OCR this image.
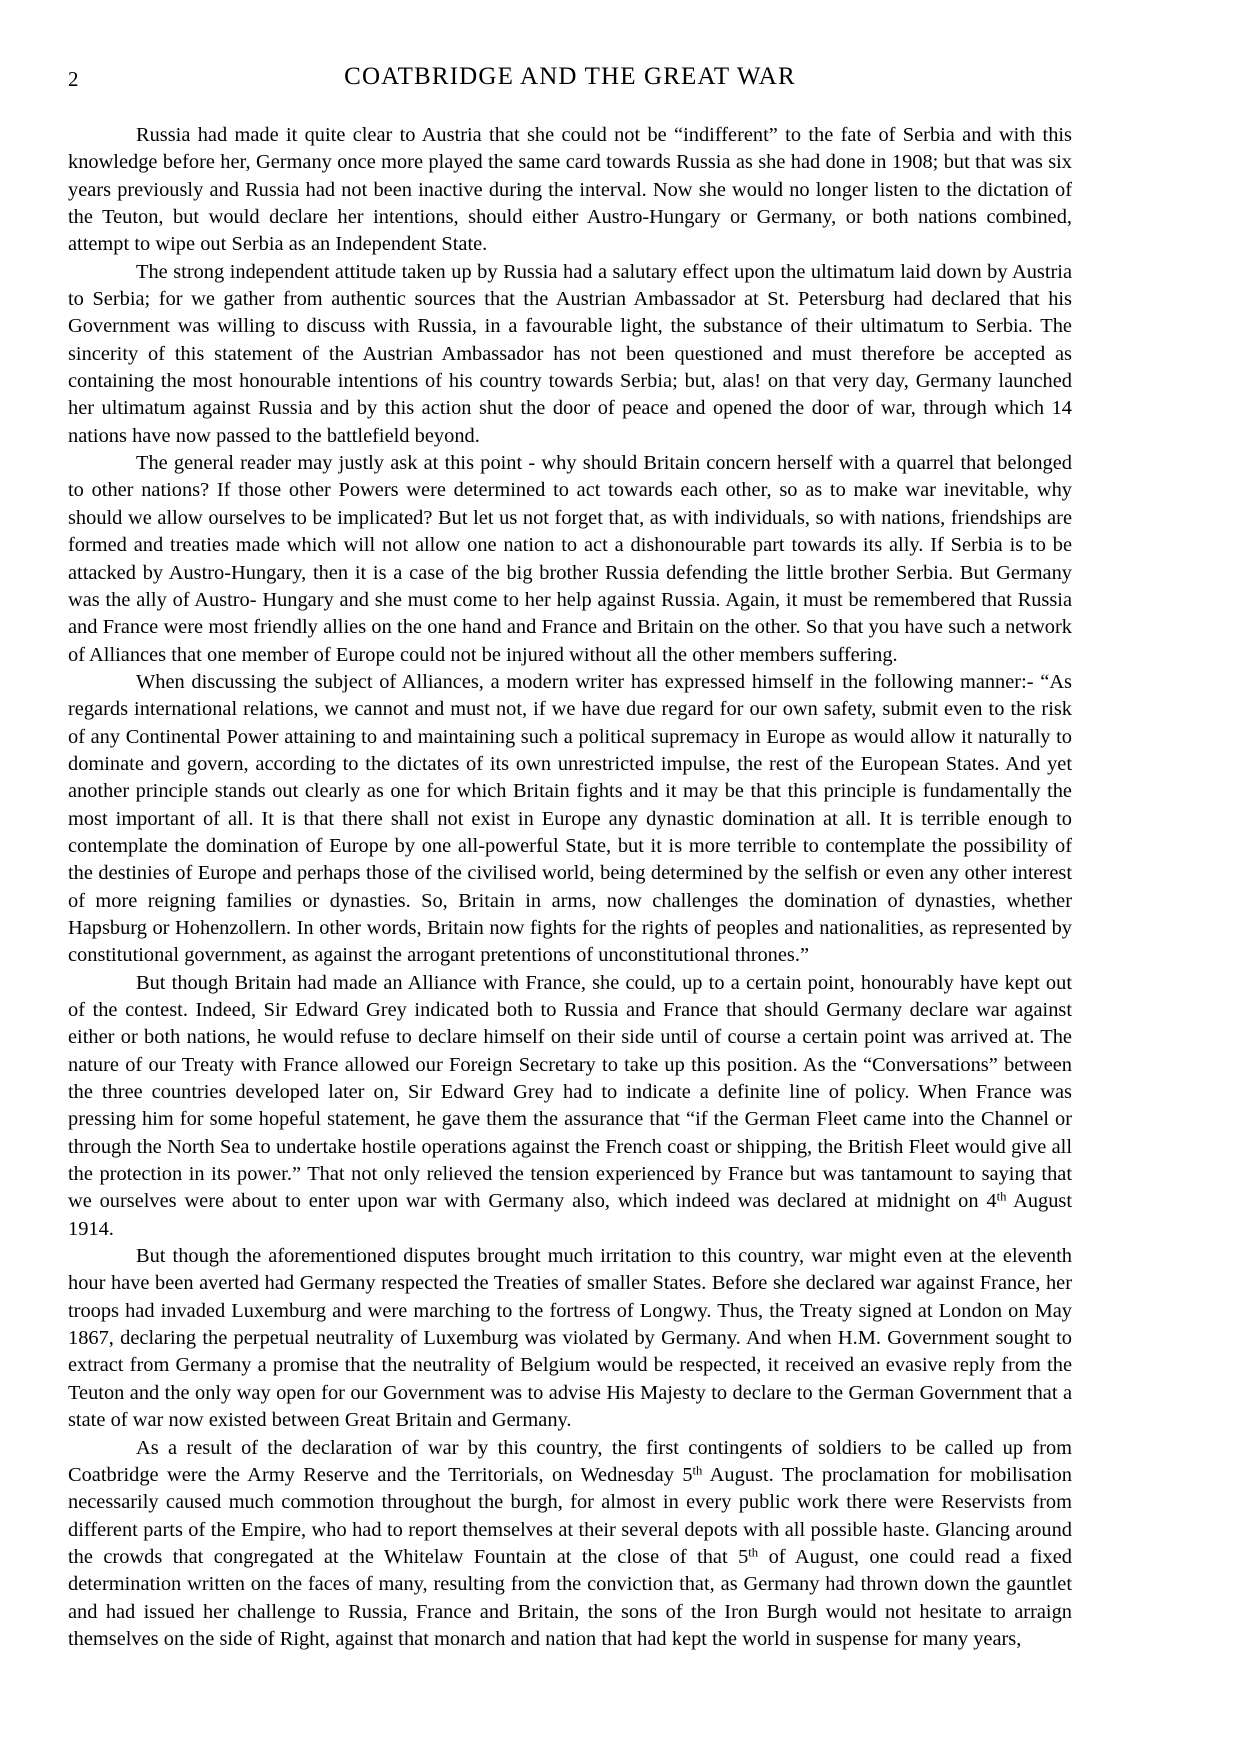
2	COATBRIDGE AND THE GREAT WAR

Russia had made it quite clear to Austria that she could not be “indifferent” to the fate of Serbia and with this knowledge before her, Germany once more played the same card towards Russia as she had done in 1908; but that was six years previously and Russia had not been inactive during the interval. Now she would no longer listen to the dictation of the Teuton, but would declare her intentions, should either Austro-Hungary or Germany, or both nations combined, attempt to wipe out Serbia as an Independent State.

The strong independent attitude taken up by Russia had a salutary effect upon the ultimatum laid down by Austria to Serbia; for we gather from authentic sources that the Austrian Ambassador at St. Petersburg had declared that his Government was willing to discuss with Russia, in a favourable light, the substance of their ultimatum to Serbia. The sincerity of this statement of the Austrian Ambassador has not been questioned and must therefore be accepted as containing the most honourable intentions of his country towards Serbia; but, alas! on that very day, Germany launched her ultimatum against Russia and by this action shut the door of peace and opened the door of war, through which 14 nations have now passed to the battlefield beyond.

The general reader may justly ask at this point - why should Britain concern herself with a quarrel that belonged to other nations? If those other Powers were determined to act towards each other, so as to make war inevitable, why should we allow ourselves to be implicated? But let us not forget that, as with individuals, so with nations, friendships are formed and treaties made which will not allow one nation to act a dishonourable part towards its ally. If Serbia is to be attacked by Austro-Hungary, then it is a case of the big brother Russia defending the little brother Serbia. But Germany was the ally of Austro- Hungary and she must come to her help against Russia. Again, it must be remembered that Russia and France were most friendly allies on the one hand and France and Britain on the other. So that you have such a network of Alliances that one member of Europe could not be injured without all the other members suffering.

When discussing the subject of Alliances, a modern writer has expressed himself in the following manner:- “As regards international relations, we cannot and must not, if we have due regard for our own safety, submit even to the risk of any Continental Power attaining to and maintaining such a political supremacy in Europe as would allow it naturally to dominate and govern, according to the dictates of its own unrestricted impulse, the rest of the European States. And yet another principle stands out clearly as one for which Britain fights and it may be that this principle is fundamentally the most important of all. It is that there shall not exist in Europe any dynastic domination at all. It is terrible enough to contemplate the domination of Europe by one all-powerful State, but it is more terrible to contemplate the possibility of the destinies of Europe and perhaps those of the civilised world, being determined by the selfish or even any other interest of more reigning families or dynasties. So, Britain in arms, now challenges the domination of dynasties, whether Hapsburg or Hohenzollern. In other words, Britain now fights for the rights of peoples and nationalities, as represented by constitutional government, as against the arrogant pretentions of unconstitutional thrones.”

But though Britain had made an Alliance with France, she could, up to a certain point, honourably have kept out of the contest. Indeed, Sir Edward Grey indicated both to Russia and France that should Germany declare war against either or both nations, he would refuse to declare himself on their side until of course a certain point was arrived at. The nature of our Treaty with France allowed our Foreign Secretary to take up this position. As the “Conversations” between the three countries developed later on, Sir Edward Grey had to indicate a definite line of policy. When France was pressing him for some hopeful statement, he gave them the assurance that “if the German Fleet came into the Channel or through the North Sea to undertake hostile operations against the French coast or shipping, the British Fleet would give all the protection in its power.” That not only relieved the tension experienced by France but was tantamount to saying that we ourselves were about to enter upon war with Germany also, which indeed was declared at midnight on 4th August 1914.

But though the aforementioned disputes brought much irritation to this country, war might even at the eleventh hour have been averted had Germany respected the Treaties of smaller States. Before she declared war against France, her troops had invaded Luxemburg and were marching to the fortress of Longwy. Thus, the Treaty signed at London on May 1867, declaring the perpetual neutrality of Luxemburg was violated by Germany. And when H.M. Government sought to extract from Germany a promise that the neutrality of Belgium would be respected, it received an evasive reply from the Teuton and the only way open for our Government was to advise His Majesty to declare to the German Government that a state of war now existed between Great Britain and Germany.

As a result of the declaration of war by this country, the first contingents of soldiers to be called up from Coatbridge were the Army Reserve and the Territorials, on Wednesday 5th August. The proclamation for mobilisation necessarily caused much commotion throughout the burgh, for almost in every public work there were Reservists from different parts of the Empire, who had to report themselves at their several depots with all possible haste. Glancing around the crowds that congregated at the Whitelaw Fountain at the close of that 5th of August, one could read a fixed determination written on the faces of many, resulting from the conviction that, as Germany had thrown down the gauntlet and had issued her challenge to Russia, France and Britain, the sons of the Iron Burgh would not hesitate to arraign themselves on the side of Right, against that monarch and nation that had kept the world in suspense for many years,
